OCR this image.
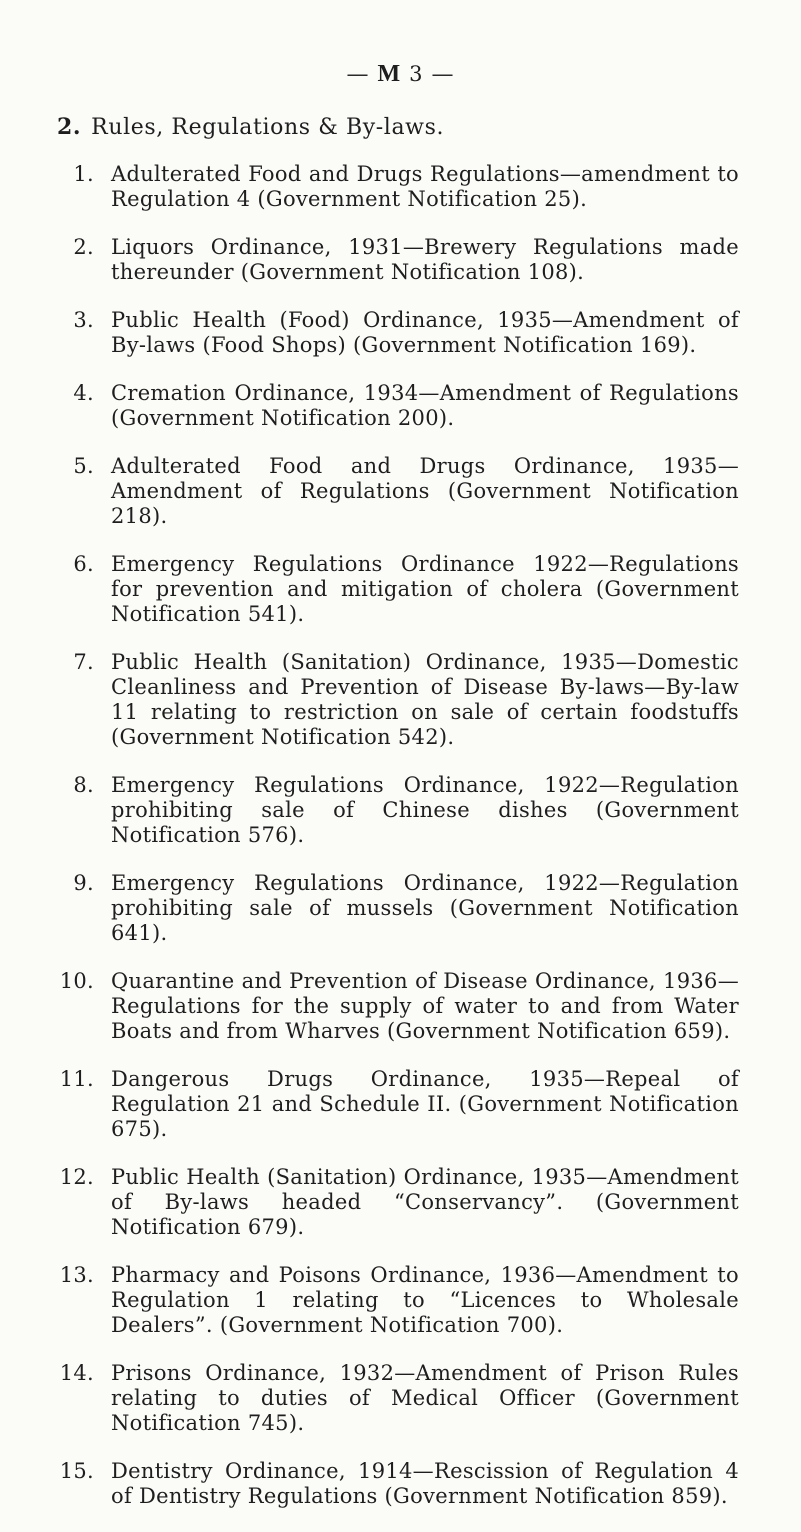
— M 3 —
2. Rules, Regulations & By-laws.
1. Adulterated Food and Drugs Regulations—amendment to Regulation 4 (Government Notification 25).
2. Liquors Ordinance, 1931—Brewery Regulations made thereunder (Government Notification 108).
3. Public Health (Food) Ordinance, 1935—Amendment of By-laws (Food Shops) (Government Notification 169).
4. Cremation Ordinance, 1934—Amendment of Regulations (Government Notification 200).
5. Adulterated Food and Drugs Ordinance, 1935—Amendment of Regulations (Government Notification 218).
6. Emergency Regulations Ordinance 1922—Regulations for prevention and mitigation of cholera (Government Notification 541).
7. Public Health (Sanitation) Ordinance, 1935—Domestic Cleanliness and Prevention of Disease By-laws—By-law 11 relating to restriction on sale of certain foodstuffs (Government Notification 542).
8. Emergency Regulations Ordinance, 1922—Regulation prohibiting sale of Chinese dishes (Government Notification 576).
9. Emergency Regulations Ordinance, 1922—Regulation prohibiting sale of mussels (Government Notification 641).
10. Quarantine and Prevention of Disease Ordinance, 1936—Regulations for the supply of water to and from Water Boats and from Wharves (Government Notification 659).
11. Dangerous Drugs Ordinance, 1935—Repeal of Regulation 21 and Schedule II. (Government Notification 675).
12. Public Health (Sanitation) Ordinance, 1935—Amendment of By-laws headed “Conservancy”. (Government Notification 679).
13. Pharmacy and Poisons Ordinance, 1936—Amendment to Regulation 1 relating to “Licences to Wholesale Dealers”. (Government Notification 700).
14. Prisons Ordinance, 1932—Amendment of Prison Rules relating to duties of Medical Officer (Government Notification 745).
15. Dentistry Ordinance, 1914—Rescission of Regulation 4 of Dentistry Regulations (Government Notification 859).
